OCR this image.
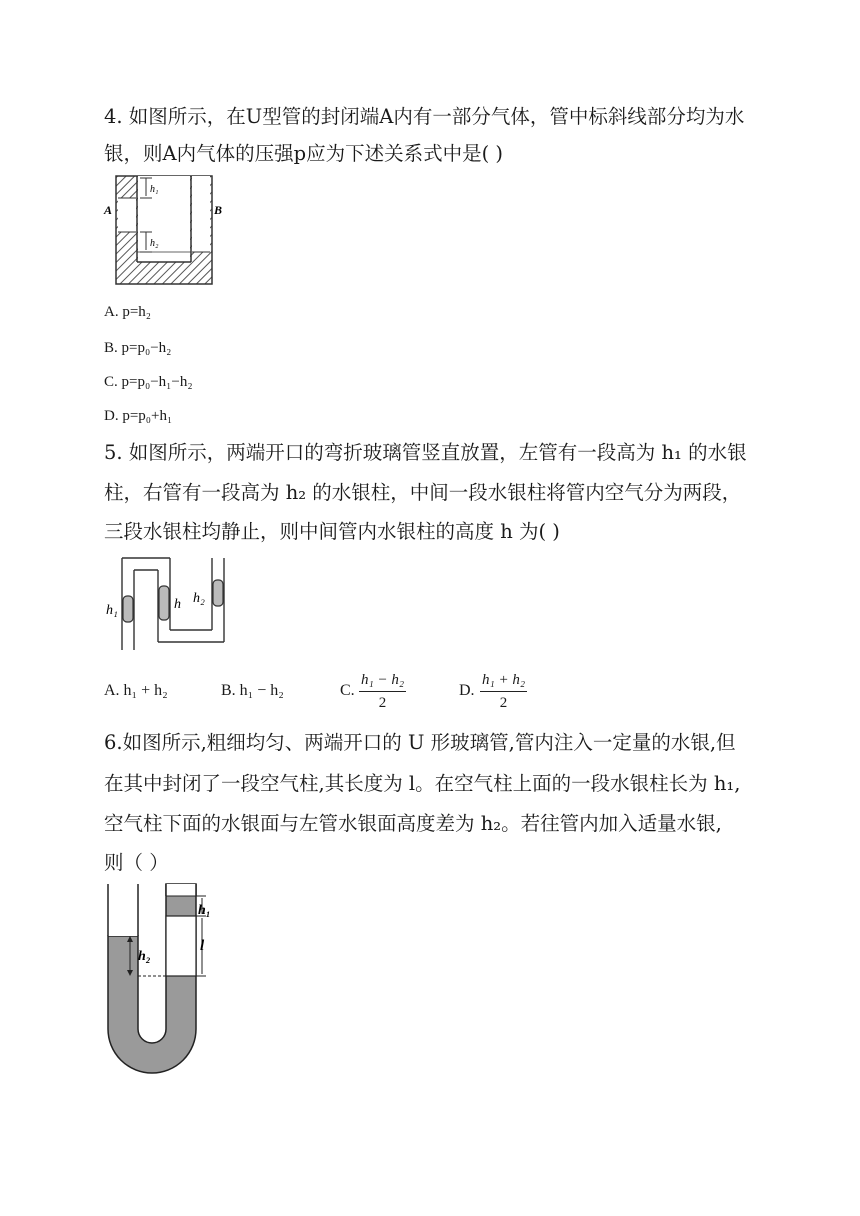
4. 如图所示，在U型管的封闭端A内有一部分气体，管中标斜线部分均为水
银，则A内气体的压强p应为下述关系式中是( )
h₁
h₂
A	B
A. p=h₂
B. p=p₀−h₂
C. p=p₀−h₁−h₂
D. p=p₀+h₁
5. 如图所示，两端开口的弯折玻璃管竖直放置，左管有一段高为 h₁ 的水银
柱，右管有一段高为 h₂ 的水银柱，中间一段水银柱将管内空气分为两段，
三段水银柱均静止，则中间管内水银柱的高度 h 为( )
h₁	h h₂
A. h₁ + h₂	B. h₁ − h₂	C. $\frac{\text{h₁ − h₂}}{2}$	D. $\frac{\text{h₁ + h₂}}{2}$
6.如图所示,粗细均匀、两端开口的 U 形玻璃管,管内注入一定量的水银,但
在其中封闭了一段空气柱,其长度为 l。在空气柱上面的一段水银柱长为 h₁,
空气柱下面的水银面与左管水银面高度差为 h₂。若往管内加入适量水银,
则（ ）
h₂
h₁
l
